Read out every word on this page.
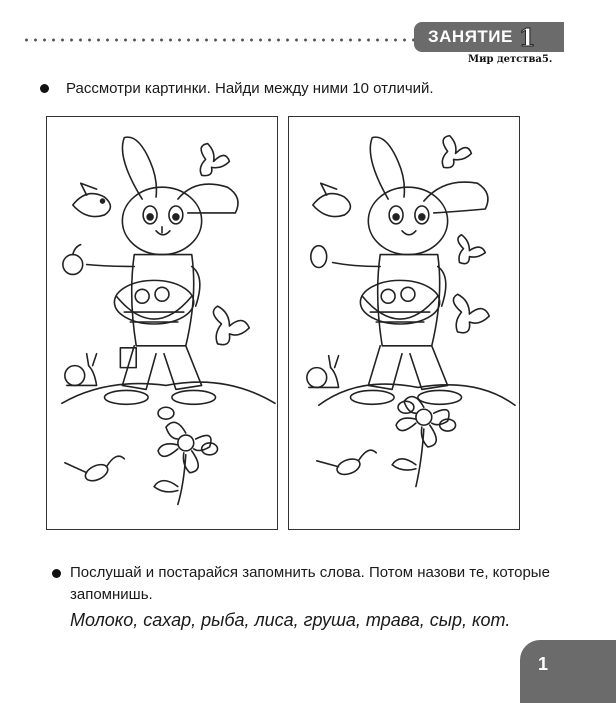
ЗАНЯТИЕ 1
Мир детства5.
Рассмотри картинки. Найди между ними 10 отличий.
Послушай и постарайся запомнить слова. Потом назови те, которые запомнишь.
Молоко, сахар, рыба, лиса, груша, трава, сыр, кот.
1
